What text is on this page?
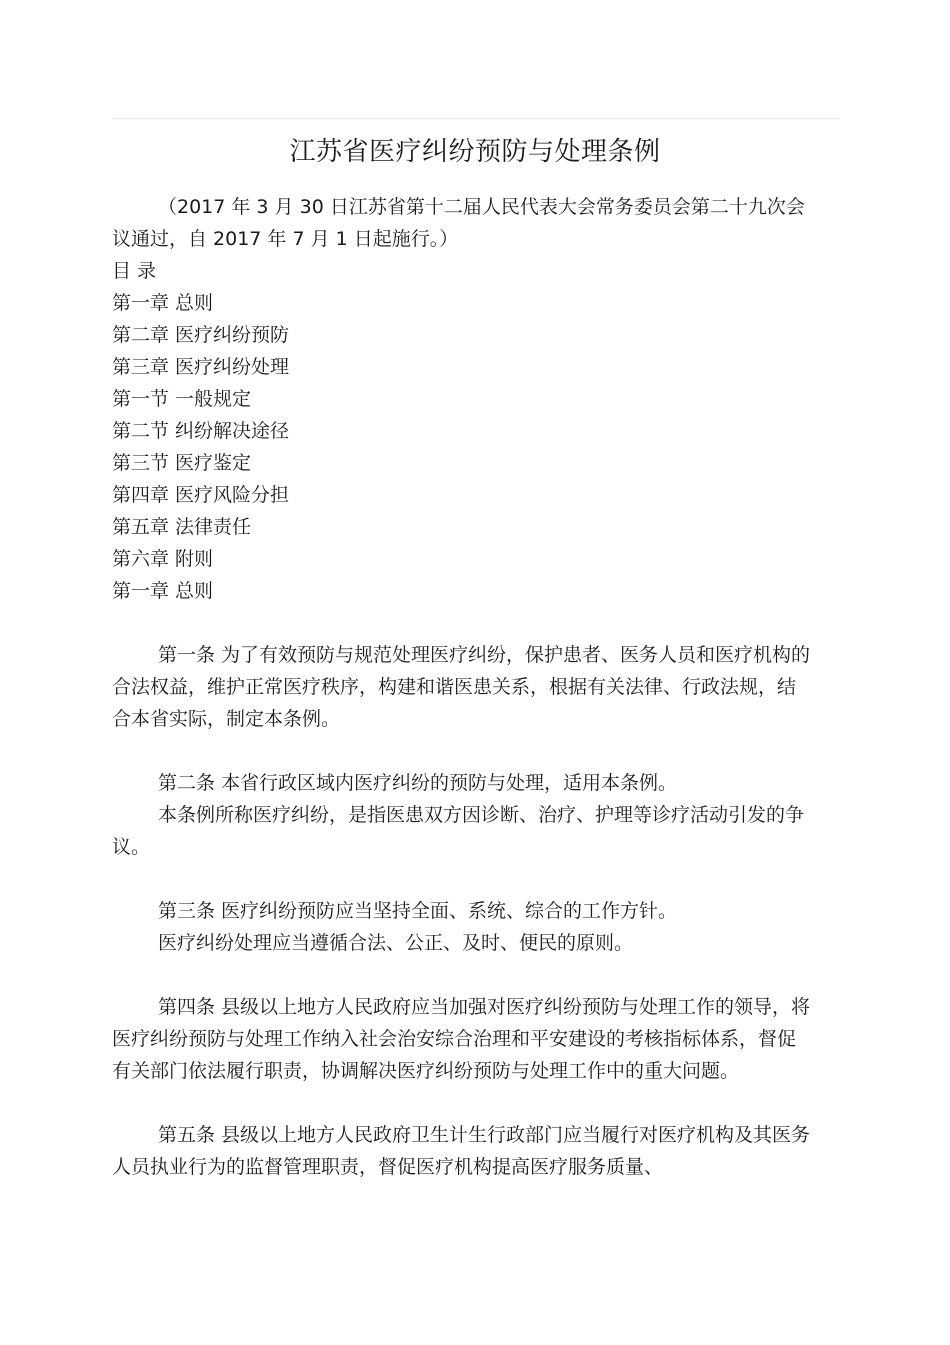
江苏省医疗纠纷预防与处理条例

（2017 年 3 月 30 日江苏省第十二届人民代表大会常务委员会第二十九次会议通过，自 2017 年 7 月 1 日起施行。）

目 录

第一章 总则

第二章 医疗纠纷预防

第三章 医疗纠纷处理

第一节 一般规定

第二节 纠纷解决途径

第三节 医疗鉴定

第四章 医疗风险分担

第五章 法律责任

第六章 附则

第一章 总则

第一条 为了有效预防与规范处理医疗纠纷，保护患者、医务人员和医疗机构的合法权益，维护正常医疗秩序，构建和谐医患关系，根据有关法律、行政法规，结合本省实际，制定本条例。

第二条 本省行政区域内医疗纠纷的预防与处理，适用本条例。

本条例所称医疗纠纷，是指医患双方因诊断、治疗、护理等诊疗活动引发的争议。

第三条 医疗纠纷预防应当坚持全面、系统、综合的工作方针。

医疗纠纷处理应当遵循合法、公正、及时、便民的原则。

第四条 县级以上地方人民政府应当加强对医疗纠纷预防与处理工作的领导，将医疗纠纷预防与处理工作纳入社会治安综合治理和平安建设的考核指标体系，督促有关部门依法履行职责，协调解决医疗纠纷预防与处理工作中的重大问题。

第五条 县级以上地方人民政府卫生计生行政部门应当履行对医疗机构及其医务人员执业行为的监督管理职责，督促医疗机构提高医疗服务质量、
